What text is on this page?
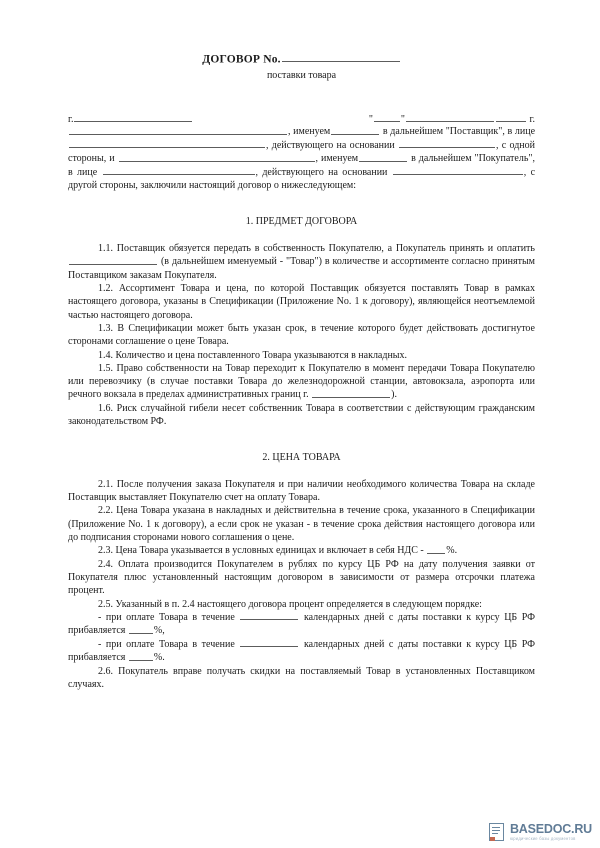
ДОГОВОР No.
поставки товара
г.	"	"	г.

, именуем	в дальнейшем "Поставщик", в лице , действующего на основании	, с одной стороны, и	, именуем	в дальнейшем "Покупатель", в лице	, действующего на основании	, с другой стороны, заключили настоящий договор о нижеследующем:

1. ПРЕДМЕТ ДОГОВОРА

1.1. Поставщик обязуется передать в собственность Покупателю, а Покупатель принять и оплатить  (в дальнейшем именуемый - "Товар") в количестве и ассортименте согласно принятым Поставщиком заказам Покупателя.

1.2. Ассортимент Товара и цена, по которой Поставщик обязуется поставлять Товар в рамках настоящего договора, указаны в Спецификации (Приложение No. 1 к договору), являющейся неотъемлемой частью настоящего договора.

1.3. В Спецификации может быть указан срок, в течение которого будет действовать достигнутое сторонами соглашение о цене Товара.

1.4. Количество и цена поставленного Товара указываются в накладных.

1.5. Право собственности на Товар переходит к Покупателю в момент передачи Товара Покупателю или перевозчику (в случае поставки Товара до железнодорожной станции, автовокзала, аэропорта или речного вокзала в пределах административных границ г.	).

1.6. Риск случайной гибели несет собственник Товара в соответствии с действующим гражданским законодательством РФ.

2. ЦЕНА ТОВАРА

2.1. После получения заказа Покупателя и при наличии необходимого количества Товара на складе Поставщик выставляет Покупателю счет на оплату Товара.

2.2. Цена Товара указана в накладных и действительна в течение срока, указанного в Спецификации (Приложение No. 1 к договору), а если срок не указан - в течение срока действия настоящего договора или до подписания сторонами нового соглашения о цене.

2.3. Цена Товара указывается в условных единицах и включает в себя НДС - %.

2.4. Оплата производится Покупателем в рублях по курсу ЦБ РФ на дату получения заявки от Покупателя плюс установленный настоящим договором в зависимости от размера отсрочки платежа процент.

2.5. Указанный в п. 2.4 настоящего договора процент определяется в следующем порядке:

- при оплате Товара в течение	календарных дней с даты поставки к курсу ЦБ РФ прибавляется	%,

- при оплате Товара в течение	календарных дней с даты поставки к курсу ЦБ РФ прибавляется	%.

2.6. Покупатель вправе получать скидки на поставляемый Товар в установленных Поставщиком случаях.

BASEDOC.RU
юридические базы документов
